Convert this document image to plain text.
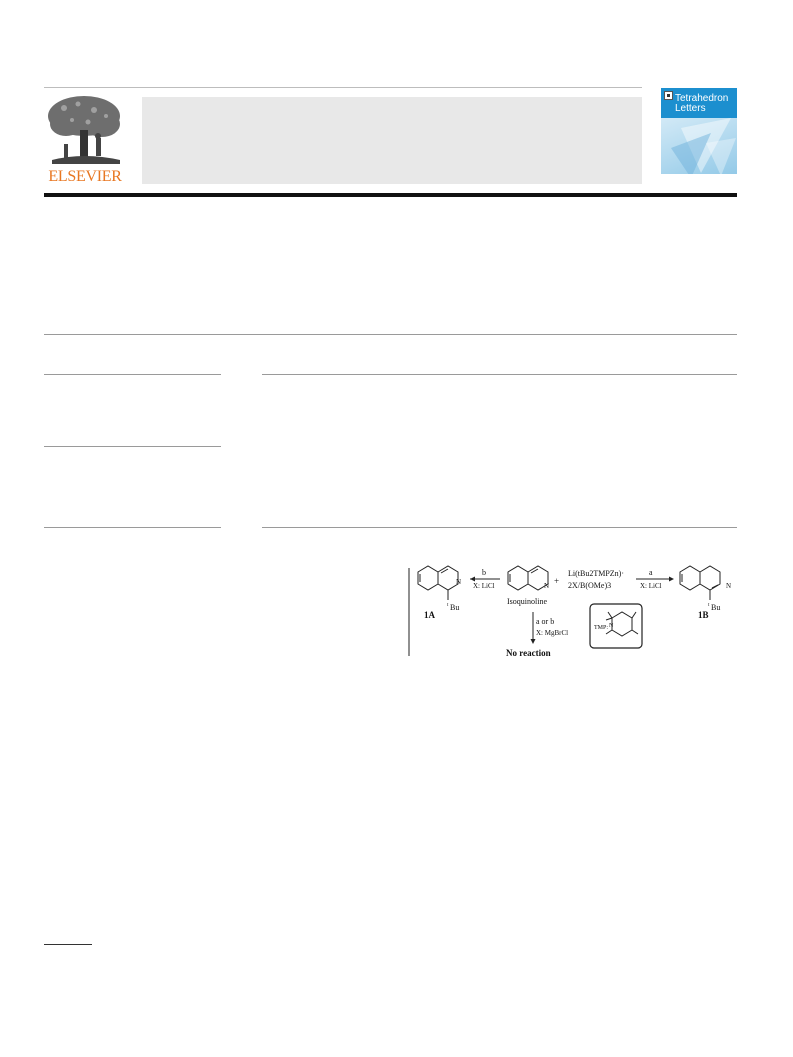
ELSEVIER
Tetrahedron
Letters
N
t Bu
1A
b
X: LiCl	N
Isoquinoline
+
Li(tBu2TMPZn)·
2X/B(OMe)3
a
X: LiCl	N
t Bu
1B
a or b
X: MgBrCl
No reaction
TMP: N
